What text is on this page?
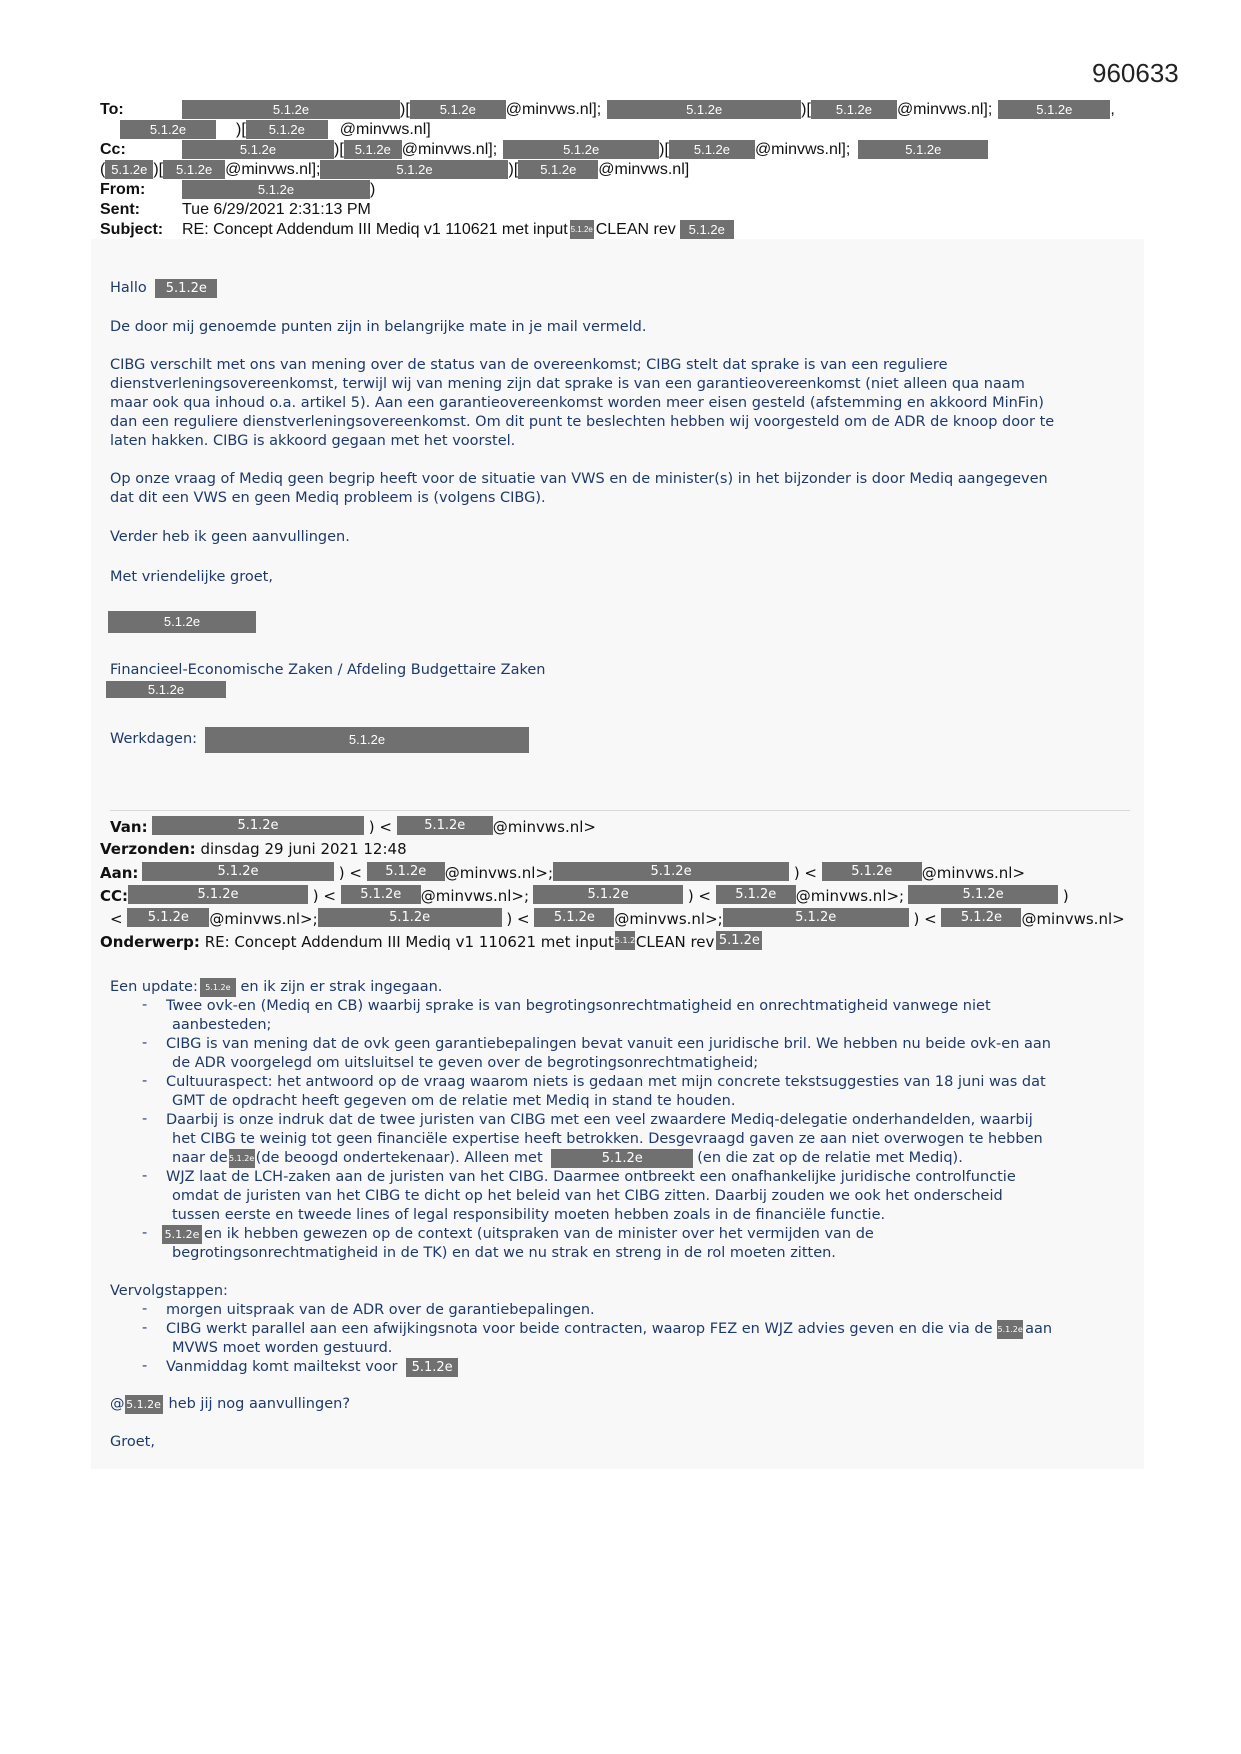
960633
To:	5.1.2e	)[ 5.1.2e @minvws.nl];	5.1.2e	)[ 5.1.2e @minvws.nl];	5.1.2e ,
5.1.2e	)[ 5.1.2e @minvws.nl]
Cc:	5.1.2e	)[ 5.1.2e @minvws.nl];	5.1.2e	)[ 5.1.2e @minvws.nl];	5.1.2e
( 5.1.2e )[ 5.1.2e @minvws.nl];	5.1.2e	)[ 5.1.2e @minvws.nl]
From:	5.1.2e	)
Sent:	Tue 6/29/2021 2:31:13 PM
Subject: RE: Concept Addendum III Mediq v1 110621 met input 5.1.2e CLEAN rev 5.1.2e
Hallo 5.1.2e
De door mij genoemde punten zijn in belangrijke mate in je mail vermeld.
CIBG verschilt met ons van mening over de status van de overeenkomst; CIBG stelt dat sprake is van een reguliere
dienstverleningsovereenkomst, terwijl wij van mening zijn dat sprake is van een garantieovereenkomst (niet alleen qua naam
maar ook qua inhoud o.a. artikel 5). Aan een garantieovereenkomst worden meer eisen gesteld (afstemming en akkoord MinFin)
dan een reguliere dienstverleningsovereenkomst. Om dit punt te beslechten hebben wij voorgesteld om de ADR de knoop door te
laten hakken. CIBG is akkoord gegaan met het voorstel.
Op onze vraag of Mediq geen begrip heeft voor de situatie van VWS en de minister(s) in het bijzonder is door Mediq aangegeven
dat dit een VWS en geen Mediq probleem is (volgens CIBG).
Verder heb ik geen aanvullingen.
Met vriendelijke groet,
5.1.2e
Financieel-Economische Zaken / Afdeling Budgettaire Zaken
5.1.2e
Werkdagen:	5.1.2e
Van:	5.1.2e	) < 5.1.2e @minvws.nl>
Verzonden: dinsdag 29 juni 2021 12:48
Aan:	5.1.2e	) < 5.1.2e @minvws.nl>;	5.1.2e	) < 5.1.2e @minvws.nl>
CC:	5.1.2e	) < 5.1.2e @minvws.nl>;	5.1.2e	) < 5.1.2e @minvws.nl>;	5.1.2e	)
< 5.1.2e @minvws.nl>;	5.1.2e	) < 5.1.2e @minvws.nl>;	5.1.2e	) < 5.1.2e @minvws.nl>
Onderwerp: RE: Concept Addendum III Mediq v1 110621 met input5.1.2eCLEAN rev 5.1.2e
Een update: 5.1.2e en ik zijn er strak ingegaan.
- Twee ovk-en (Mediq en CB) waarbij sprake is van begrotingsonrechtmatigheid en onrechtmatigheid vanwege niet
aanbesteden;
- CIBG is van mening dat de ovk geen garantiebepalingen bevat vanuit een juridische bril. We hebben nu beide ovk-en aan
de ADR voorgelegd om uitsluitsel te geven over de begrotingsonrechtmatigheid;
- Cultuuraspect: het antwoord op de vraag waarom niets is gedaan met mijn concrete tekstsuggesties van 18 juni was dat
GMT de opdracht heeft gegeven om de relatie met Mediq in stand te houden.
- Daarbij is onze indruk dat de twee juristen van CIBG met een veel zwaardere Mediq-delegatie onderhandelden, waarbij
het CIBG te weinig tot geen financiële expertise heeft betrokken. Desgevraagd gaven ze aan niet overwogen te hebben
naar de5.1.2e(de beoogd ondertekenaar). Alleen met	5.1.2e	(en die zat op de relatie met Mediq).
- WJZ laat de LCH-zaken aan de juristen van het CIBG. Daarmee ontbreekt een onafhankelijke juridische controlfunctie
omdat de juristen van het CIBG te dicht op het beleid van het CIBG zitten. Daarbij zouden we ook het onderscheid
tussen eerste en tweede lines of legal responsibility moeten hebben zoals in de financiële functie.
- 5.1.2e en ik hebben gewezen op de context (uitspraken van de minister over het vermijden van de
begrotingsonrechtmatigheid in de TK) en dat we nu strak en streng in de rol moeten zitten.
Vervolgstappen:
- morgen uitspraak van de ADR over de garantiebepalingen.
- CIBG werkt parallel aan een afwijkingsnota voor beide contracten, waarop FEZ en WJZ advies geven en die via de 5.1.2e aan
MVWS moet worden gestuurd.
- Vanmiddag komt mailtekst voor 5.1.2e
@ 5.1.2e heb jij nog aanvullingen?
Groet,
